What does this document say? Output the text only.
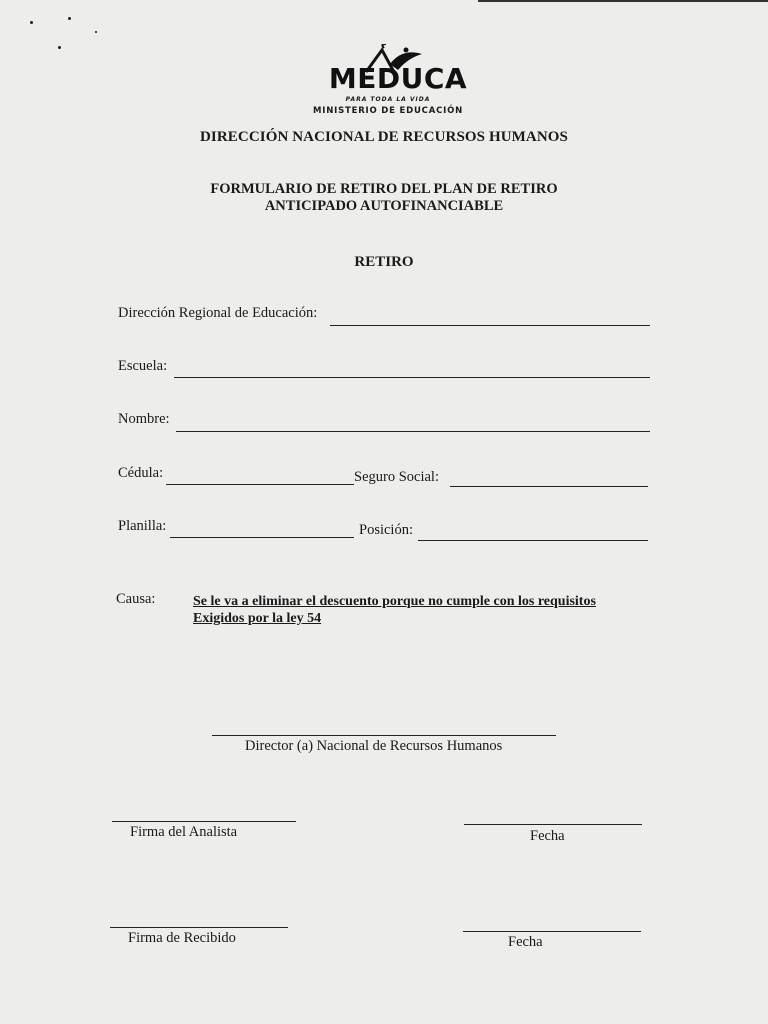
MEDUCA
PARA TODA LA VIDA
MINISTERIO DE EDUCACIÓN
DIRECCIÓN NACIONAL DE RECURSOS HUMANOS
FORMULARIO DE RETIRO DEL PLAN DE RETIRO
ANTICIPADO AUTOFINANCIABLE
RETIRO
Dirección Regional de Educación:
Escuela:
Nombre:
Cédula:	Seguro Social:
Planilla:	Posición:
Causa:	Se le va a eliminar el descuento porque no cumple con los requisitos
Exigidos por la ley 54
Director (a) Nacional de Recursos Humanos
Firma del Analista	Fecha
Firma de Recibido	Fecha
